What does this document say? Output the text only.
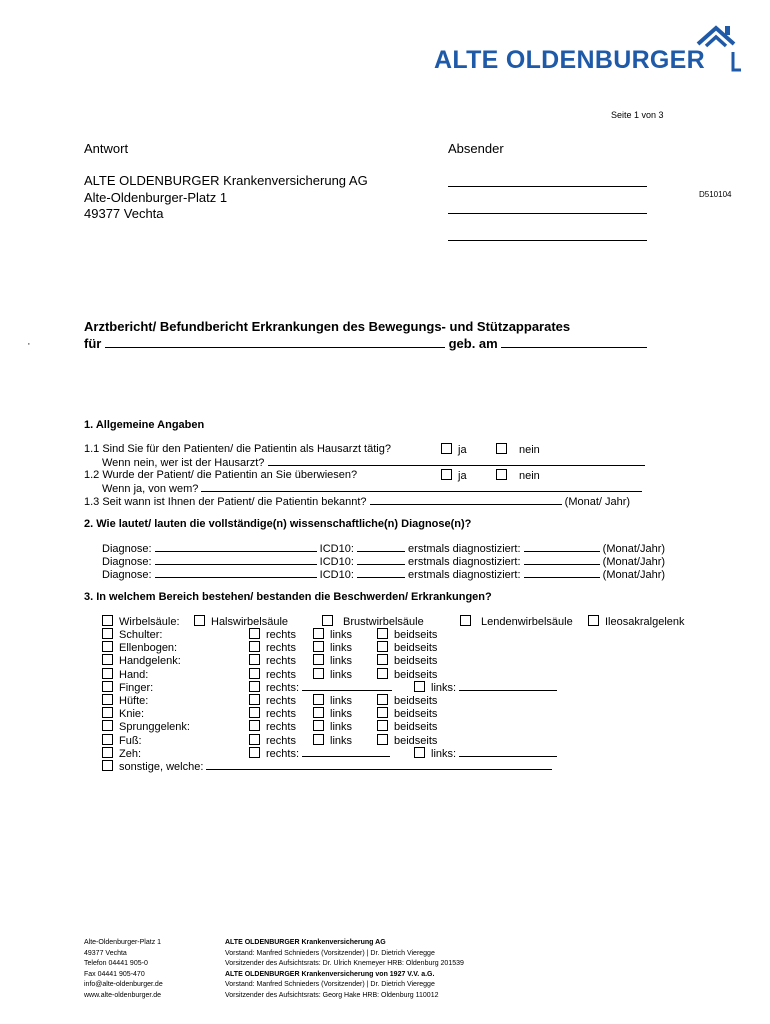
ALTE OLDENBURGER
Seite 1 von 3
Antwort
ALTE OLDENBURGER Krankenversicherung AG
Alte-Oldenburger-Platz 1
49377 Vechta
Absender
D510104
·
Arztbericht/ Befundbericht Erkrankungen des Bewegungs- und Stützapparates
für	geb. am
1. Allgemeine Angaben
1.1 Sind Sie für den Patienten/ die Patientin als Hausarzt tätig?	ja	nein
Wenn nein, wer ist der Hausarzt?
1.2 Wurde der Patient/ die Patientin an Sie überwiesen?	ja	nein
Wenn ja, von wem?
1.3 Seit wann ist Ihnen der Patient/ die Patientin bekannt?	(Monat/ Jahr)
2. Wie lautet/ lauten die vollständige(n) wissenschaftliche(n) Diagnose(n)?
Diagnose:	ICD10:	erstmals diagnostiziert:	(Monat/Jahr)
Diagnose:	ICD10:	erstmals diagnostiziert:	(Monat/Jahr)
Diagnose:	ICD10:	erstmals diagnostiziert:	(Monat/Jahr)
3. In welchem Bereich bestehen/ bestanden die Beschwerden/ Erkrankungen?
Wirbelsäule:	Halswirbelsäule	Brustwirbelsäule	Lendenwirbelsäule	Ileosakralgelenk
Schulter:	rechts	links	beidseits
Ellenbogen:	rechts	links	beidseits
Handgelenk:	rechts	links	beidseits
Hand:	rechts	links	beidseits
Finger:	rechts:	links:
Hüfte:	rechts	links	beidseits
Knie:	rechts	links	beidseits
Sprunggelenk:	rechts	links	beidseits
Fuß:	rechts	links	beidseits
Zeh:	rechts:	links:
sonstige, welche:
Alte-Oldenburger-Platz 1
49377 Vechta
Telefon 04441 905-0
Fax 04441 905-470
info@alte-oldenburger.de
www.alte-oldenburger.de
ALTE OLDENBURGER Krankenversicherung AG
Vorstand: Manfred Schnieders (Vorsitzender) | Dr. Dietrich Vieregge
Vorsitzender des Aufsichtsrats: Dr. Ulrich Knemeyer HRB: Oldenburg 201539
ALTE OLDENBURGER Krankenversicherung von 1927 V.V. a.G.
Vorstand: Manfred Schnieders (Vorsitzender) | Dr. Dietrich Vieregge
Vorsitzender des Aufsichtsrats: Georg Hake HRB: Oldenburg 110012
